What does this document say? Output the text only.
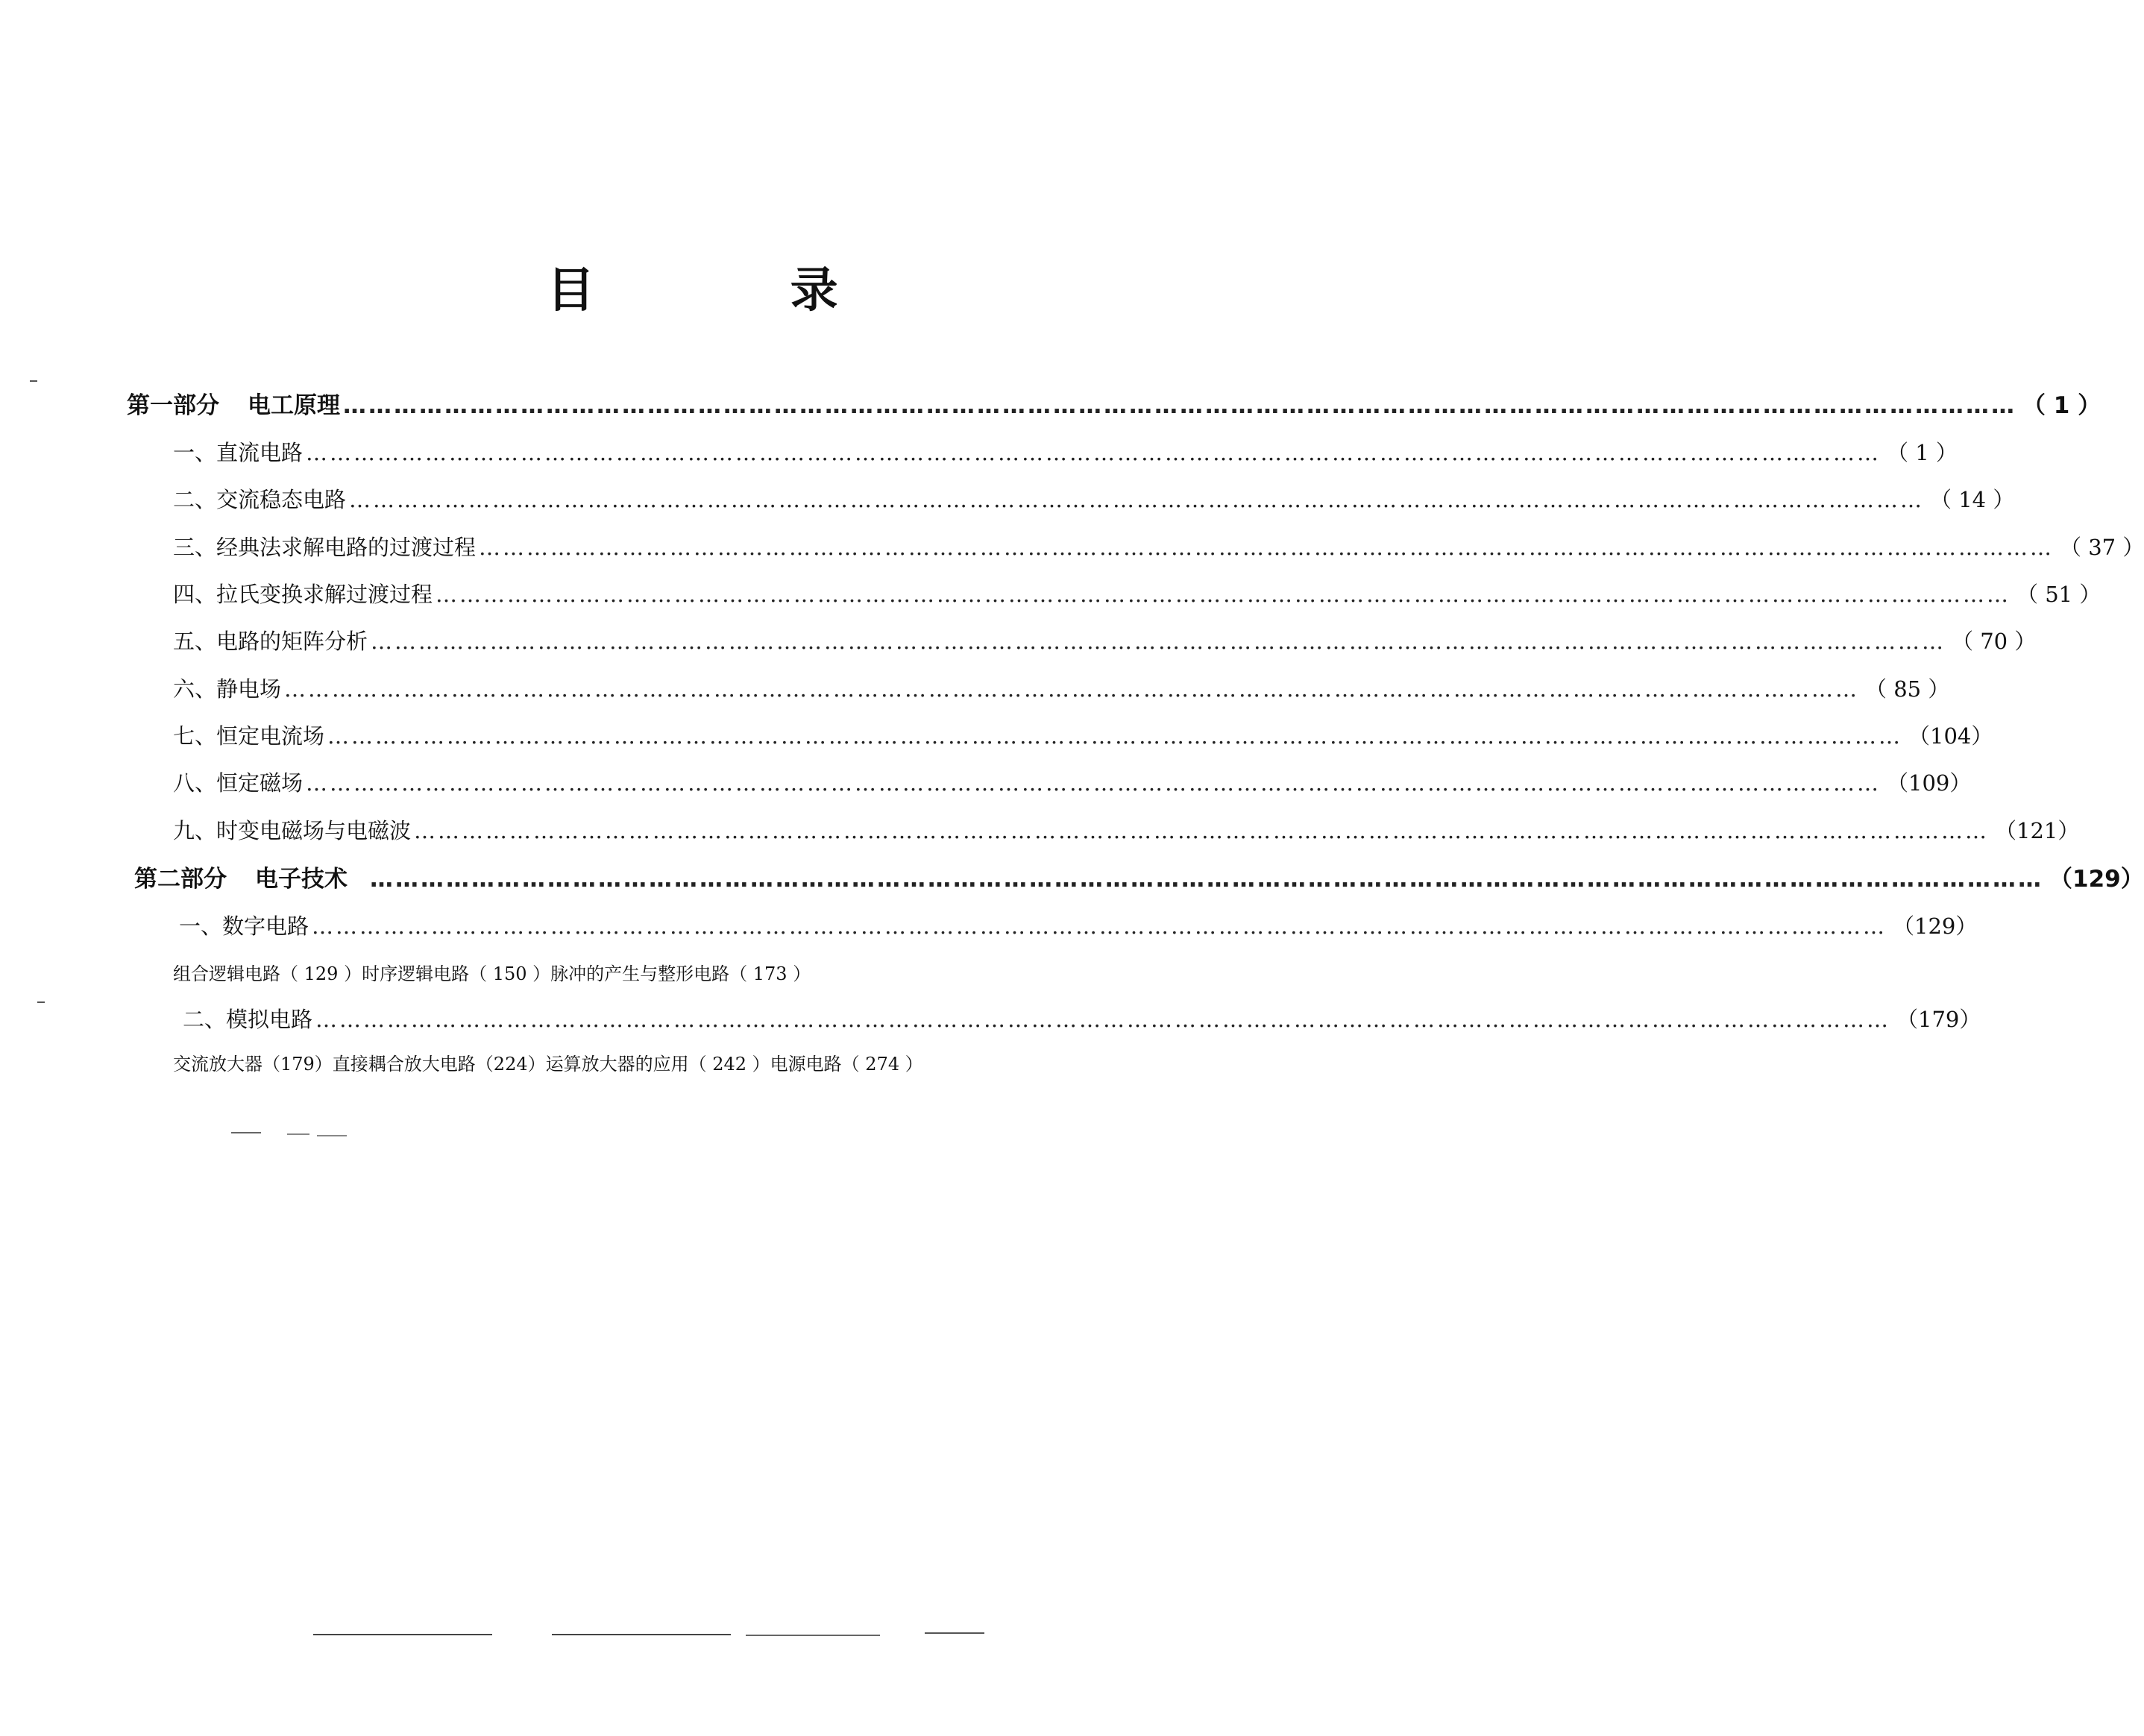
目 录
第一部分 电工原理 ……………………………………………………………………………………………………………………………………………………………………………… （ 1 ）
一、直流电路 ……………………………………………………………………………………………………………………………………………………………………………… （ 1 ）
二、交流稳态电路 ……………………………………………………………………………………………………………………………………………………………………………… （ 14 ）
三、经典法求解电路的过渡过程 ……………………………………………………………………………………………………………………………………………………………………………… （ 37 ）
四、拉氏变换求解过渡过程 ……………………………………………………………………………………………………………………………………………………………………………… （ 51 ）
五、电路的矩阵分析 ……………………………………………………………………………………………………………………………………………………………………………… （ 70 ）
六、静电场 ……………………………………………………………………………………………………………………………………………………………………………… （ 85 ）
七、恒定电流场 ……………………………………………………………………………………………………………………………………………………………………………… （104）
八、恒定磁场 ……………………………………………………………………………………………………………………………………………………………………………… （109）
九、时变电磁场与电磁波 ……………………………………………………………………………………………………………………………………………………………………………… （121）
第二部分 电子技术 ……………………………………………………………………………………………………………………………………………………………………………… （129）
一、数字电路 ……………………………………………………………………………………………………………………………………………………………………………… （129）
组合逻辑电路（ 129 ）时序逻辑电路（ 150 ）脉冲的产生与整形电路（ 173 ）
二、模拟电路 ……………………………………………………………………………………………………………………………………………………………………………… （179）
交流放大器（179）直接耦合放大电路（224）运算放大器的应用（ 242 ）电源电路（ 274 ）
